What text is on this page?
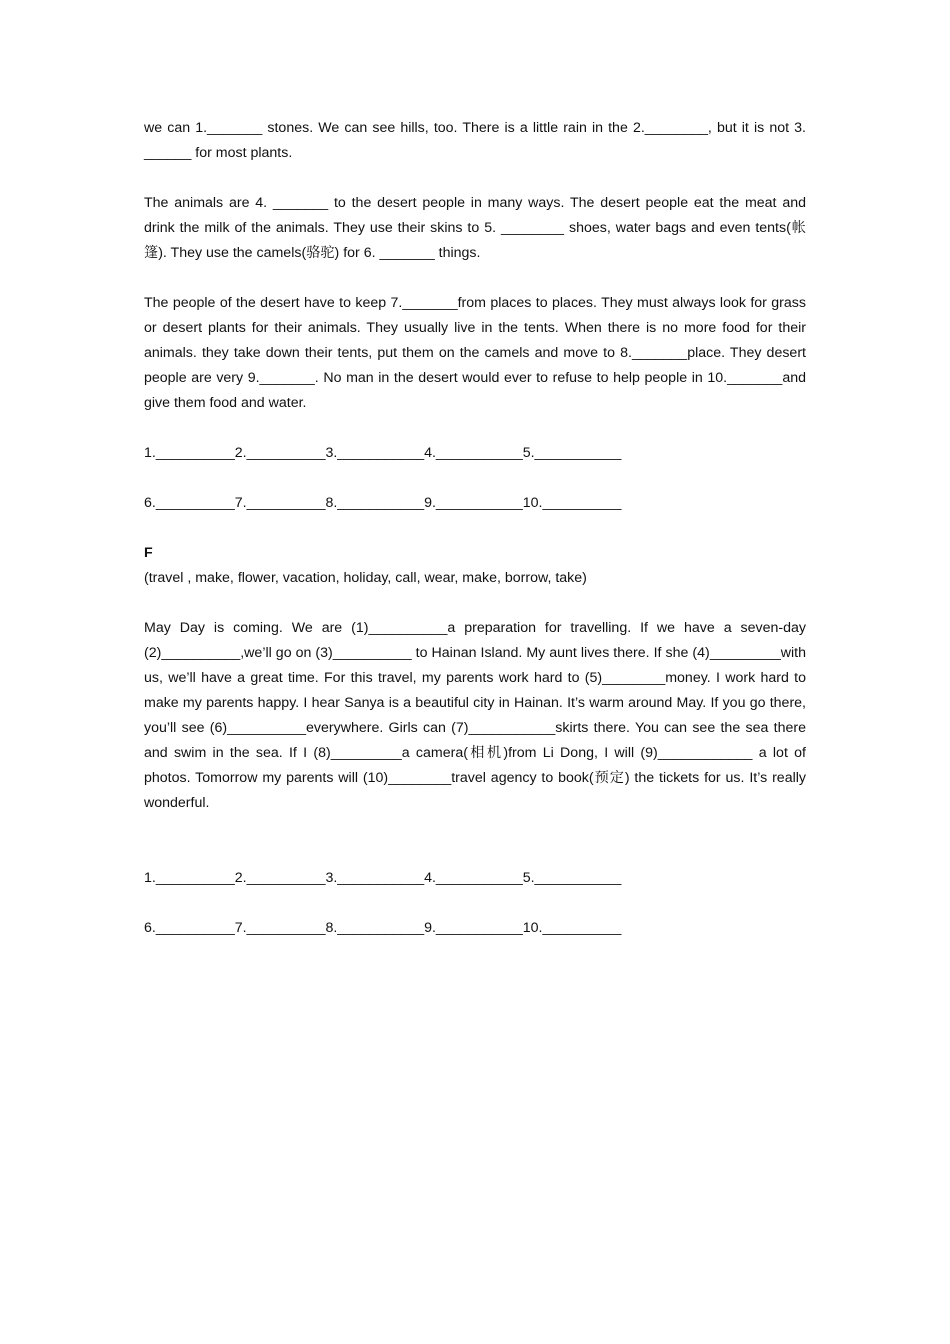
we can 1._______ stones. We can see hills, too. There is a little rain in the 2.________, but it is not 3. ______ for most plants.

The animals are 4. _______ to the desert people in many ways. The desert people eat the meat and drink the milk of the animals. They use their skins to 5. ________ shoes, water bags and even tents(帐篷). They use the camels(骆驼) for 6. _______ things.

The people of the desert have to keep 7._______from places to places. They must always look for grass or desert plants for their animals. They usually live in the tents. When there is no more food for their animals. they take down their tents, put them on the camels and move to 8._______place. They desert people are very 9._______. No man in the desert would ever to refuse to help people in 10._______and give them food and water.

1.__________2.__________3.___________4.___________5.___________

6.__________7.__________8.___________9.___________10.__________

F

(travel , make, flower, vacation, holiday, call, wear, make, borrow, take)

May Day is coming. We are (1)__________a preparation for travelling. If we have a seven-day (2)__________,we’ll go on (3)__________ to Hainan Island. My aunt lives there. If she (4)_________with us, we’ll have a great time. For this travel, my parents work hard to (5)________money. I work hard to make my parents happy. I hear Sanya is a beautiful city in Hainan. It’s warm around May. If you go there, you’ll see (6)__________everywhere. Girls can (7)___________skirts there. You can see the sea there and swim in the sea. If I (8)_________a camera(相机)from Li Dong, I will (9)____________ a lot of photos. Tomorrow my parents will (10)________travel agency to book(预定) the tickets for us. It’s really wonderful.

1.__________2.__________3.___________4.___________5.___________

6.__________7.__________8.___________9.___________10.__________
